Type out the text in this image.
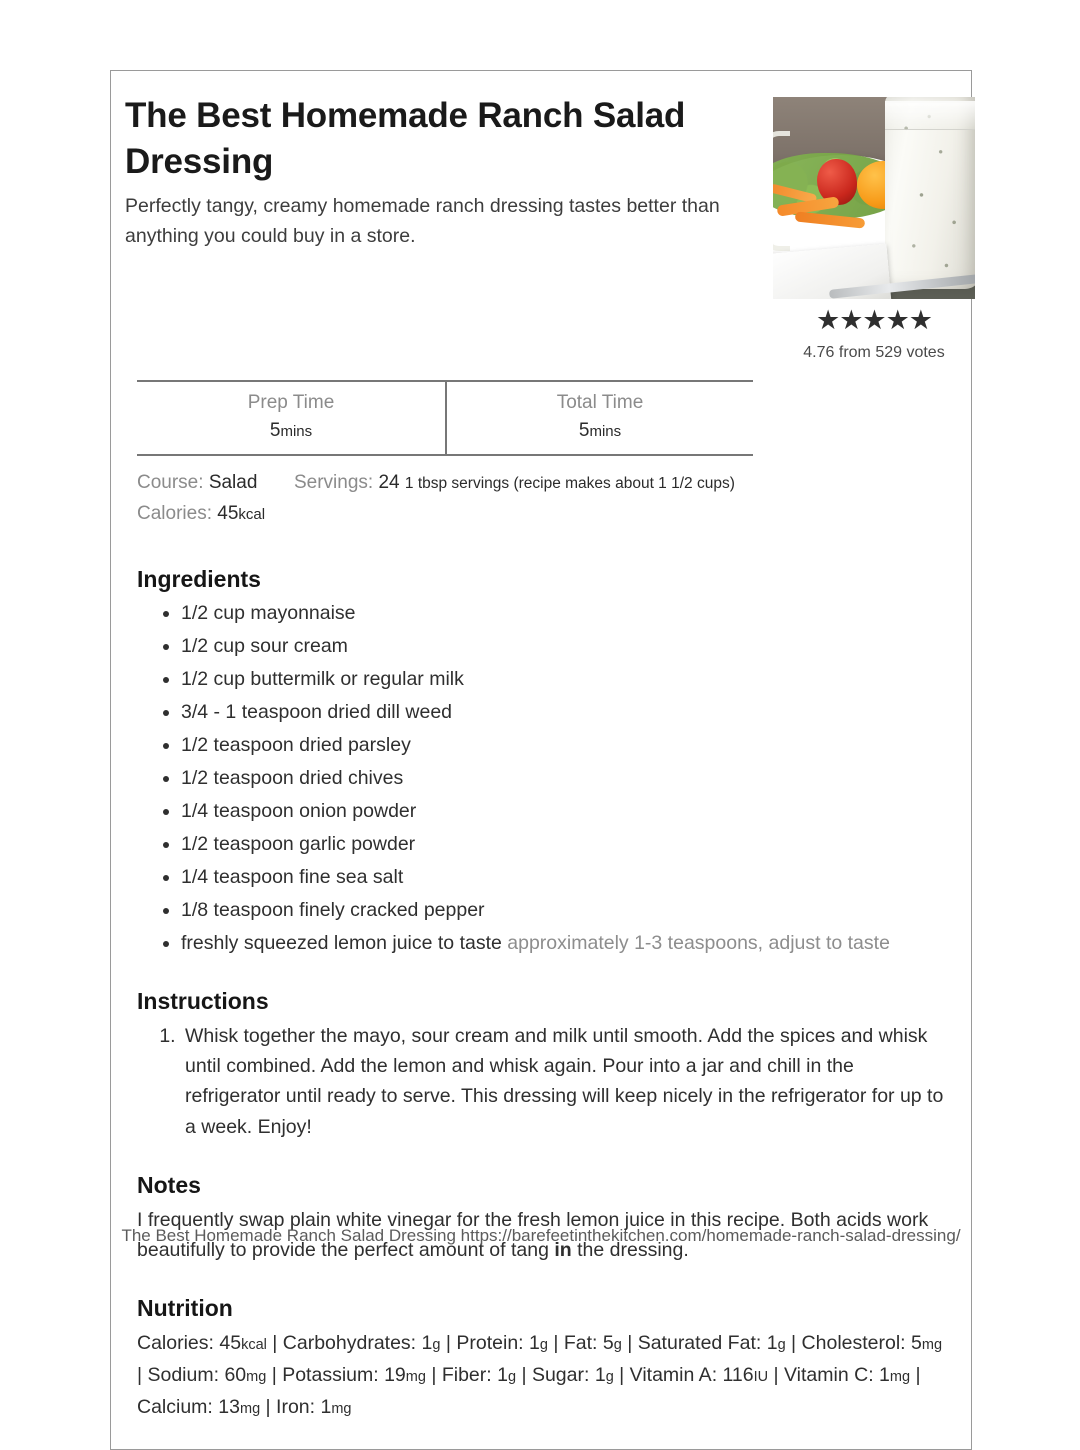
The Best Homemade Ranch Salad Dressing

Perfectly tangy, creamy homemade ranch dressing tastes better than anything you could buy in a store.

★★★★★
4.76 from 529 votes
Prep Time
5mins
Total Time
5mins
Course: Salad Servings: 24 1 tbsp servings (recipe makes about 1 1/2 cups)
Calories: 45kcal
Ingredients
• 1/2 cup mayonnaise
• 1/2 cup sour cream
• 1/2 cup buttermilk or regular milk
• 3/4 - 1 teaspoon dried dill weed
• 1/2 teaspoon dried parsley
• 1/2 teaspoon dried chives
• 1/4 teaspoon onion powder
• 1/2 teaspoon garlic powder
• 1/4 teaspoon fine sea salt
• 1/8 teaspoon finely cracked pepper
• freshly squeezed lemon juice to taste approximately 1-3 teaspoons, adjust to taste
Instructions
1. Whisk together the mayo, sour cream and milk until smooth. Add the spices and whisk until combined. Add the lemon and whisk again. Pour into a jar and chill in the refrigerator until ready to serve. This dressing will keep nicely in the refrigerator for up to a week. Enjoy!
Notes

I frequently swap plain white vinegar for the fresh lemon juice in this recipe. Both acids work beautifully to provide the perfect amount of tang in the dressing.

Nutrition

Calories: 45kcal | Carbohydrates: 1g | Protein: 1g | Fat: 5g | Saturated Fat: 1g | Cholesterol: 5mg | Sodium: 60mg | Potassium: 19mg | Fiber: 1g | Sugar: 1g | Vitamin A: 116IU | Vitamin C: 1mg | Calcium: 13mg | Iron: 1mg

The Best Homemade Ranch Salad Dressing https://barefeetinthekitchen.com/homemade-ranch-salad-dressing/
